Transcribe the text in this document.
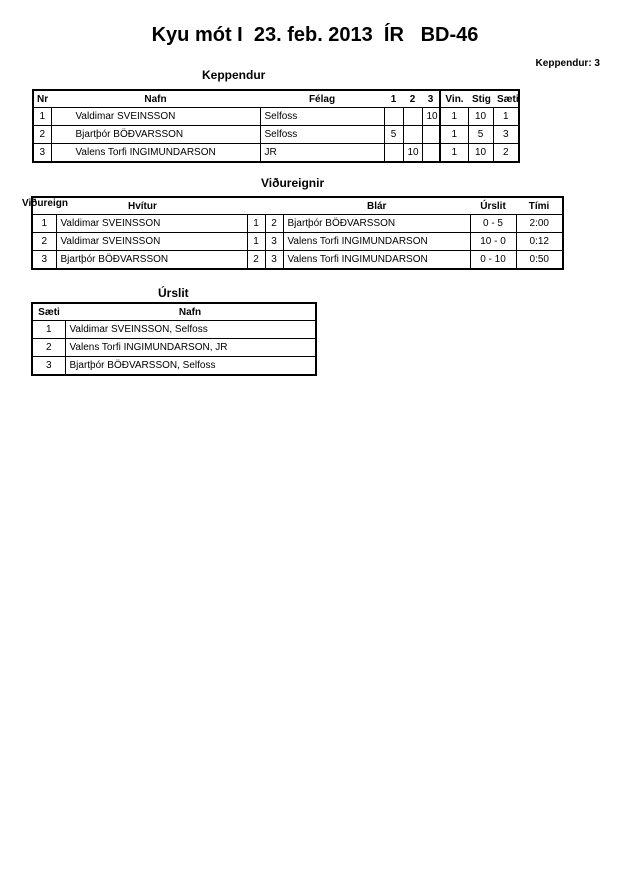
Kyu mót I  23. feb. 2013  ÍR   BD-46
Keppendur: 3
Keppendur
Nr	Nafn	Félag	1	2	3	Vin.	Stig	Sæti
1	Valdimar SVEINSSON	Selfoss			10	1	10	1
2	Bjartþór BÖÐVARSSON	Selfoss	5			1	5	3
3	Valens Torfi INGIMUNDARSON	JR		10		1	10	2
Viðureignir
Viðureign
		Hvítur			Blár	Úrslit	Tími
1	Valdimar SVEINSSON	1	2	Bjartþór BÖÐVARSSON	0 - 5	2:00
2	Valdimar SVEINSSON	1	3	Valens Torfi INGIMUNDARSON	10 - 0	0:12
3	Bjartþór BÖÐVARSSON	2	3	Valens Torfi INGIMUNDARSON	0 - 10	0:50
Úrslit
Sæti	Nafn
1	Valdimar SVEINSSON, Selfoss
2	Valens Torfi INGIMUNDARSON, JR
3	Bjartþór BÖÐVARSSON, Selfoss
